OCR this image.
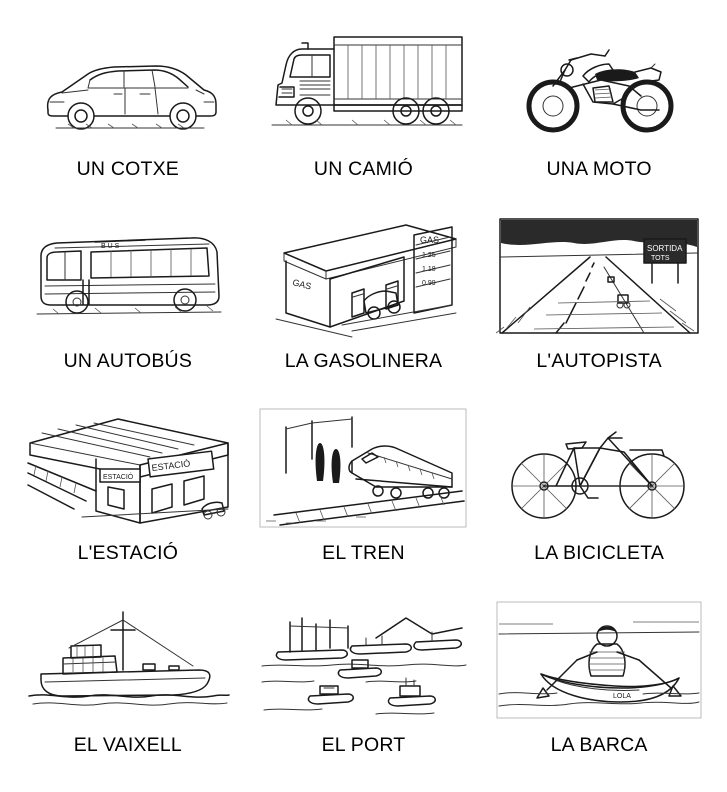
UN COTXE	UN CAMIÓ	UNA MOTO
B U S
UN AUTOBÚS
GAS
GAS
1.25
1.18
0.99
LA GASOLINERA
SORTIDA
TOTS
L'AUTOPISTA
ESTACIÓ
ESTACIÓ
L'ESTACIÓ	EL TREN	LA BICICLETA
EL VAIXELL	EL PORT
LOLA
LA BARCA
